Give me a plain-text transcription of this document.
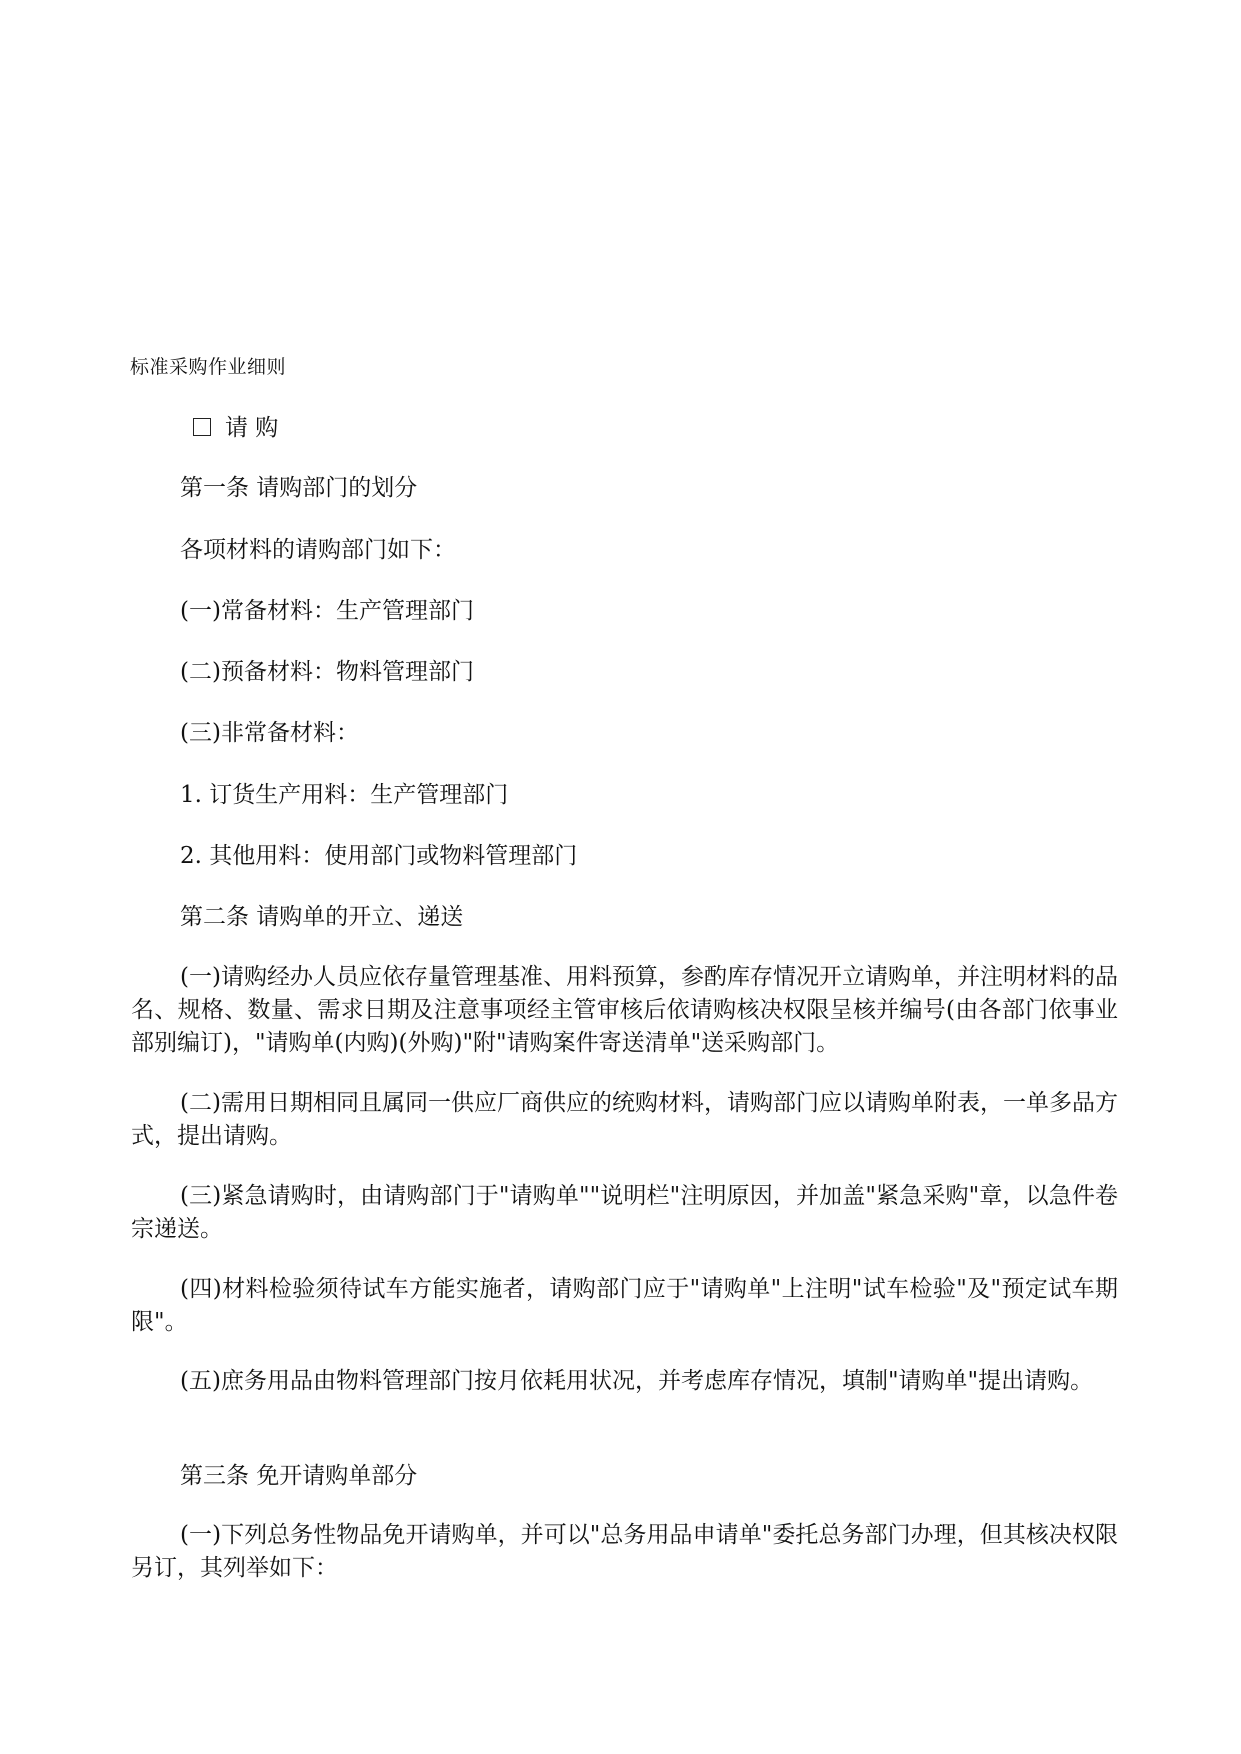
标准采购作业细则
请 购
第一条 请购部门的划分
各项材料的请购部门如下：
(一)常备材料：生产管理部门
(二)预备材料：物料管理部门
(三)非常备材料：
1. 订货生产用料：生产管理部门
2. 其他用料：使用部门或物料管理部门
第二条 请购单的开立、递送
(一)请购经办人员应依存量管理基准、用料预算，参酌库存情况开立请购单，并注明材料的品名、规格、数量、需求日期及注意事项经主管审核后依请购核决权限呈核并编号(由各部门依事业部别编订)，"请购单(内购)(外购)"附"请购案件寄送清单"送采购部门。
(二)需用日期相同且属同一供应厂商供应的统购材料，请购部门应以请购单附表，一单多品方式，提出请购。
(三)紧急请购时，由请购部门于"请购单""说明栏"注明原因，并加盖"紧急采购"章，以急件卷宗递送。
(四)材料检验须待试车方能实施者，请购部门应于"请购单"上注明"试车检验"及"预定试车期限"。
(五)庶务用品由物料管理部门按月依耗用状况，并考虑库存情况，填制"请购单"提出请购。
第三条 免开请购单部分
(一)下列总务性物品免开请购单，并可以"总务用品申请单"委托总务部门办理，但其核决权限另订，其列举如下：
